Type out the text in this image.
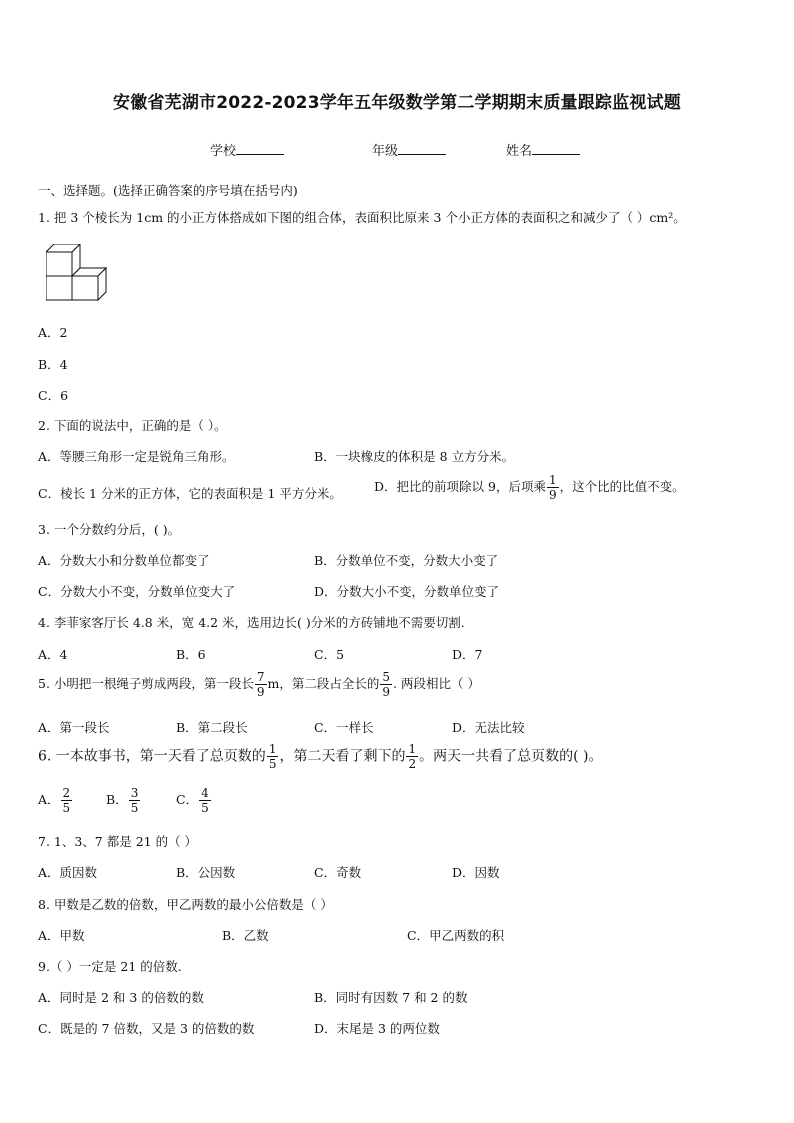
安徽省芜湖市2022-2023学年五年级数学第二学期期末质量跟踪监视试题
学校	年级	姓名
一、选择题。(选择正确答案的序号填在括号内)
1. 把 3 个棱长为 1cm 的小正方体搭成如下图的组合体，表面积比原来 3 个小正方体的表面积之和减少了（ ）cm²。
A．2
B．4
C．6
2. 下面的说法中，正确的是（ ）。
A．等腰三角形一定是锐角三角形。	B．一块橡皮的体积是 8 立方分米。
C．棱长 1 分米的正方体，它的表面积是 1 平方分米。	D．把比的前项除以 9，后项乘 $\frac{1}{9}$ ，这个比的比值不变。
3. 一个分数约分后，( )。
A．分数大小和分数单位都变了	B．分数单位不变，分数大小变了
C．分数大小不变，分数单位变大了	D．分数大小不变，分数单位变了
4. 李菲家客厅长 4.8 米，宽 4.2 米，选用边长( )分米的方砖铺地不需要切割.
A．4	B．6	C．5	D．7
5. 小明把一根绳子剪成两段，第一段长 $\frac{7}{9}$ m，第二段占全长的 $\frac{5}{9}$ . 两段相比（ ）
A．第一段长	B．第二段长	C．一样长	D．无法比较
6. 一本故事书，第一天看了总页数的 $\frac{1}{5}$ ，第二天看了剩下的 $\frac{1}{2}$ 。两天一共看了总页数的( )。
A． $\frac{2}{5}$	B． $\frac{3}{5}$	C． $\frac{4}{5}$
7. 1、3、7 都是 21 的（ ）
A．质因数	B．公因数	C．奇数	D．因数
8. 甲数是乙数的倍数，甲乙两数的最小公倍数是（ ）
A．甲数	B．乙数	C．甲乙两数的积
9.（ ）一定是 21 的倍数.
A．同时是 2 和 3 的倍数的数	B．同时有因数 7 和 2 的数
C．既是的 7 倍数，又是 3 的倍数的数	D．末尾是 3 的两位数
